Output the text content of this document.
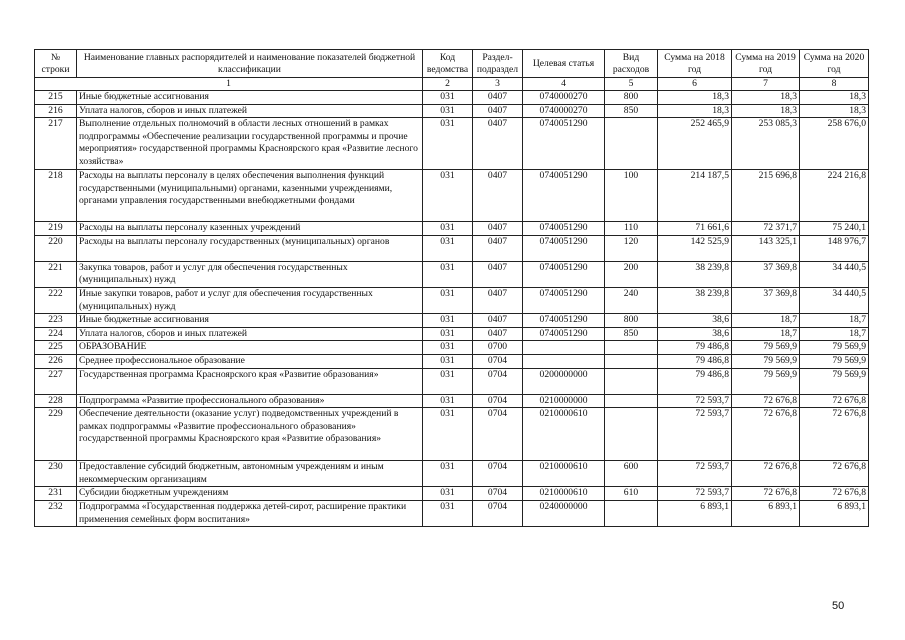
№ строки	Наименование главных распорядителей и наименование показателей бюджетной классификации	Код ведомства	Раздел-подраздел	Целевая статья	Вид расходов	Сумма на 2018 год	Сумма на 2019 год	Сумма на 2020 год
1		2	3	4	5	6	7	8
215	Иные бюджетные ассигнования	031	0407	0740000270	800	18,3	18,3	18,3
216	Уплата налогов, сборов и иных платежей	031	0407	0740000270	850	18,3	18,3	18,3
217	Выполнение отдельных полномочий в области лесных отношений в рамках подпрограммы «Обеспечение реализации государственной программы и прочие мероприятия» государственной программы Красноярского края «Развитие лесного хозяйства»	031	0407	0740051290		252 465,9	253 085,3	258 676,0
218	Расходы на выплаты персоналу в целях обеспечения выполнения функций государственными (муниципальными) органами, казенными учреждениями, органами управления государственными внебюджетными фондами	031	0407	0740051290	100	214 187,5	215 696,8	224 216,8
219	Расходы на выплаты персоналу казенных учреждений	031	0407	0740051290	110	71 661,6	72 371,7	75 240,1
220	Расходы на выплаты персоналу государственных (муниципальных) органов	031	0407	0740051290	120	142 525,9	143 325,1	148 976,7
221	Закупка товаров, работ и услуг для обеспечения государственных (муниципальных) нужд	031	0407	0740051290	200	38 239,8	37 369,8	34 440,5
222	Иные закупки товаров, работ и услуг для обеспечения государственных (муниципальных) нужд	031	0407	0740051290	240	38 239,8	37 369,8	34 440,5
223	Иные бюджетные ассигнования	031	0407	0740051290	800	38,6	18,7	18,7
224	Уплата налогов, сборов и иных платежей	031	0407	0740051290	850	38,6	18,7	18,7
225	ОБРАЗОВАНИЕ	031	0700			79 486,8	79 569,9	79 569,9
226	Среднее профессиональное образование	031	0704			79 486,8	79 569,9	79 569,9
227	Государственная программа Красноярского края «Развитие образования»	031	0704	0200000000		79 486,8	79 569,9	79 569,9
228	Подпрограмма «Развитие профессионального образования»	031	0704	0210000000		72 593,7	72 676,8	72 676,8
229	Обеспечение деятельности (оказание услуг) подведомственных учреждений в рамках подпрограммы «Развитие профессионального образования» государственной программы Красноярского края «Развитие образования»	031	0704	0210000610		72 593,7	72 676,8	72 676,8
230	Предоставление субсидий бюджетным, автономным учреждениям и иным некоммерческим организациям	031	0704	0210000610	600	72 593,7	72 676,8	72 676,8
231	Субсидии бюджетным учреждениям	031	0704	0210000610	610	72 593,7	72 676,8	72 676,8
232	Подпрограмма «Государственная поддержка детей-сирот, расширение практики применения семейных форм воспитания»	031	0704	0240000000		6 893,1	6 893,1	6 893,1
50
